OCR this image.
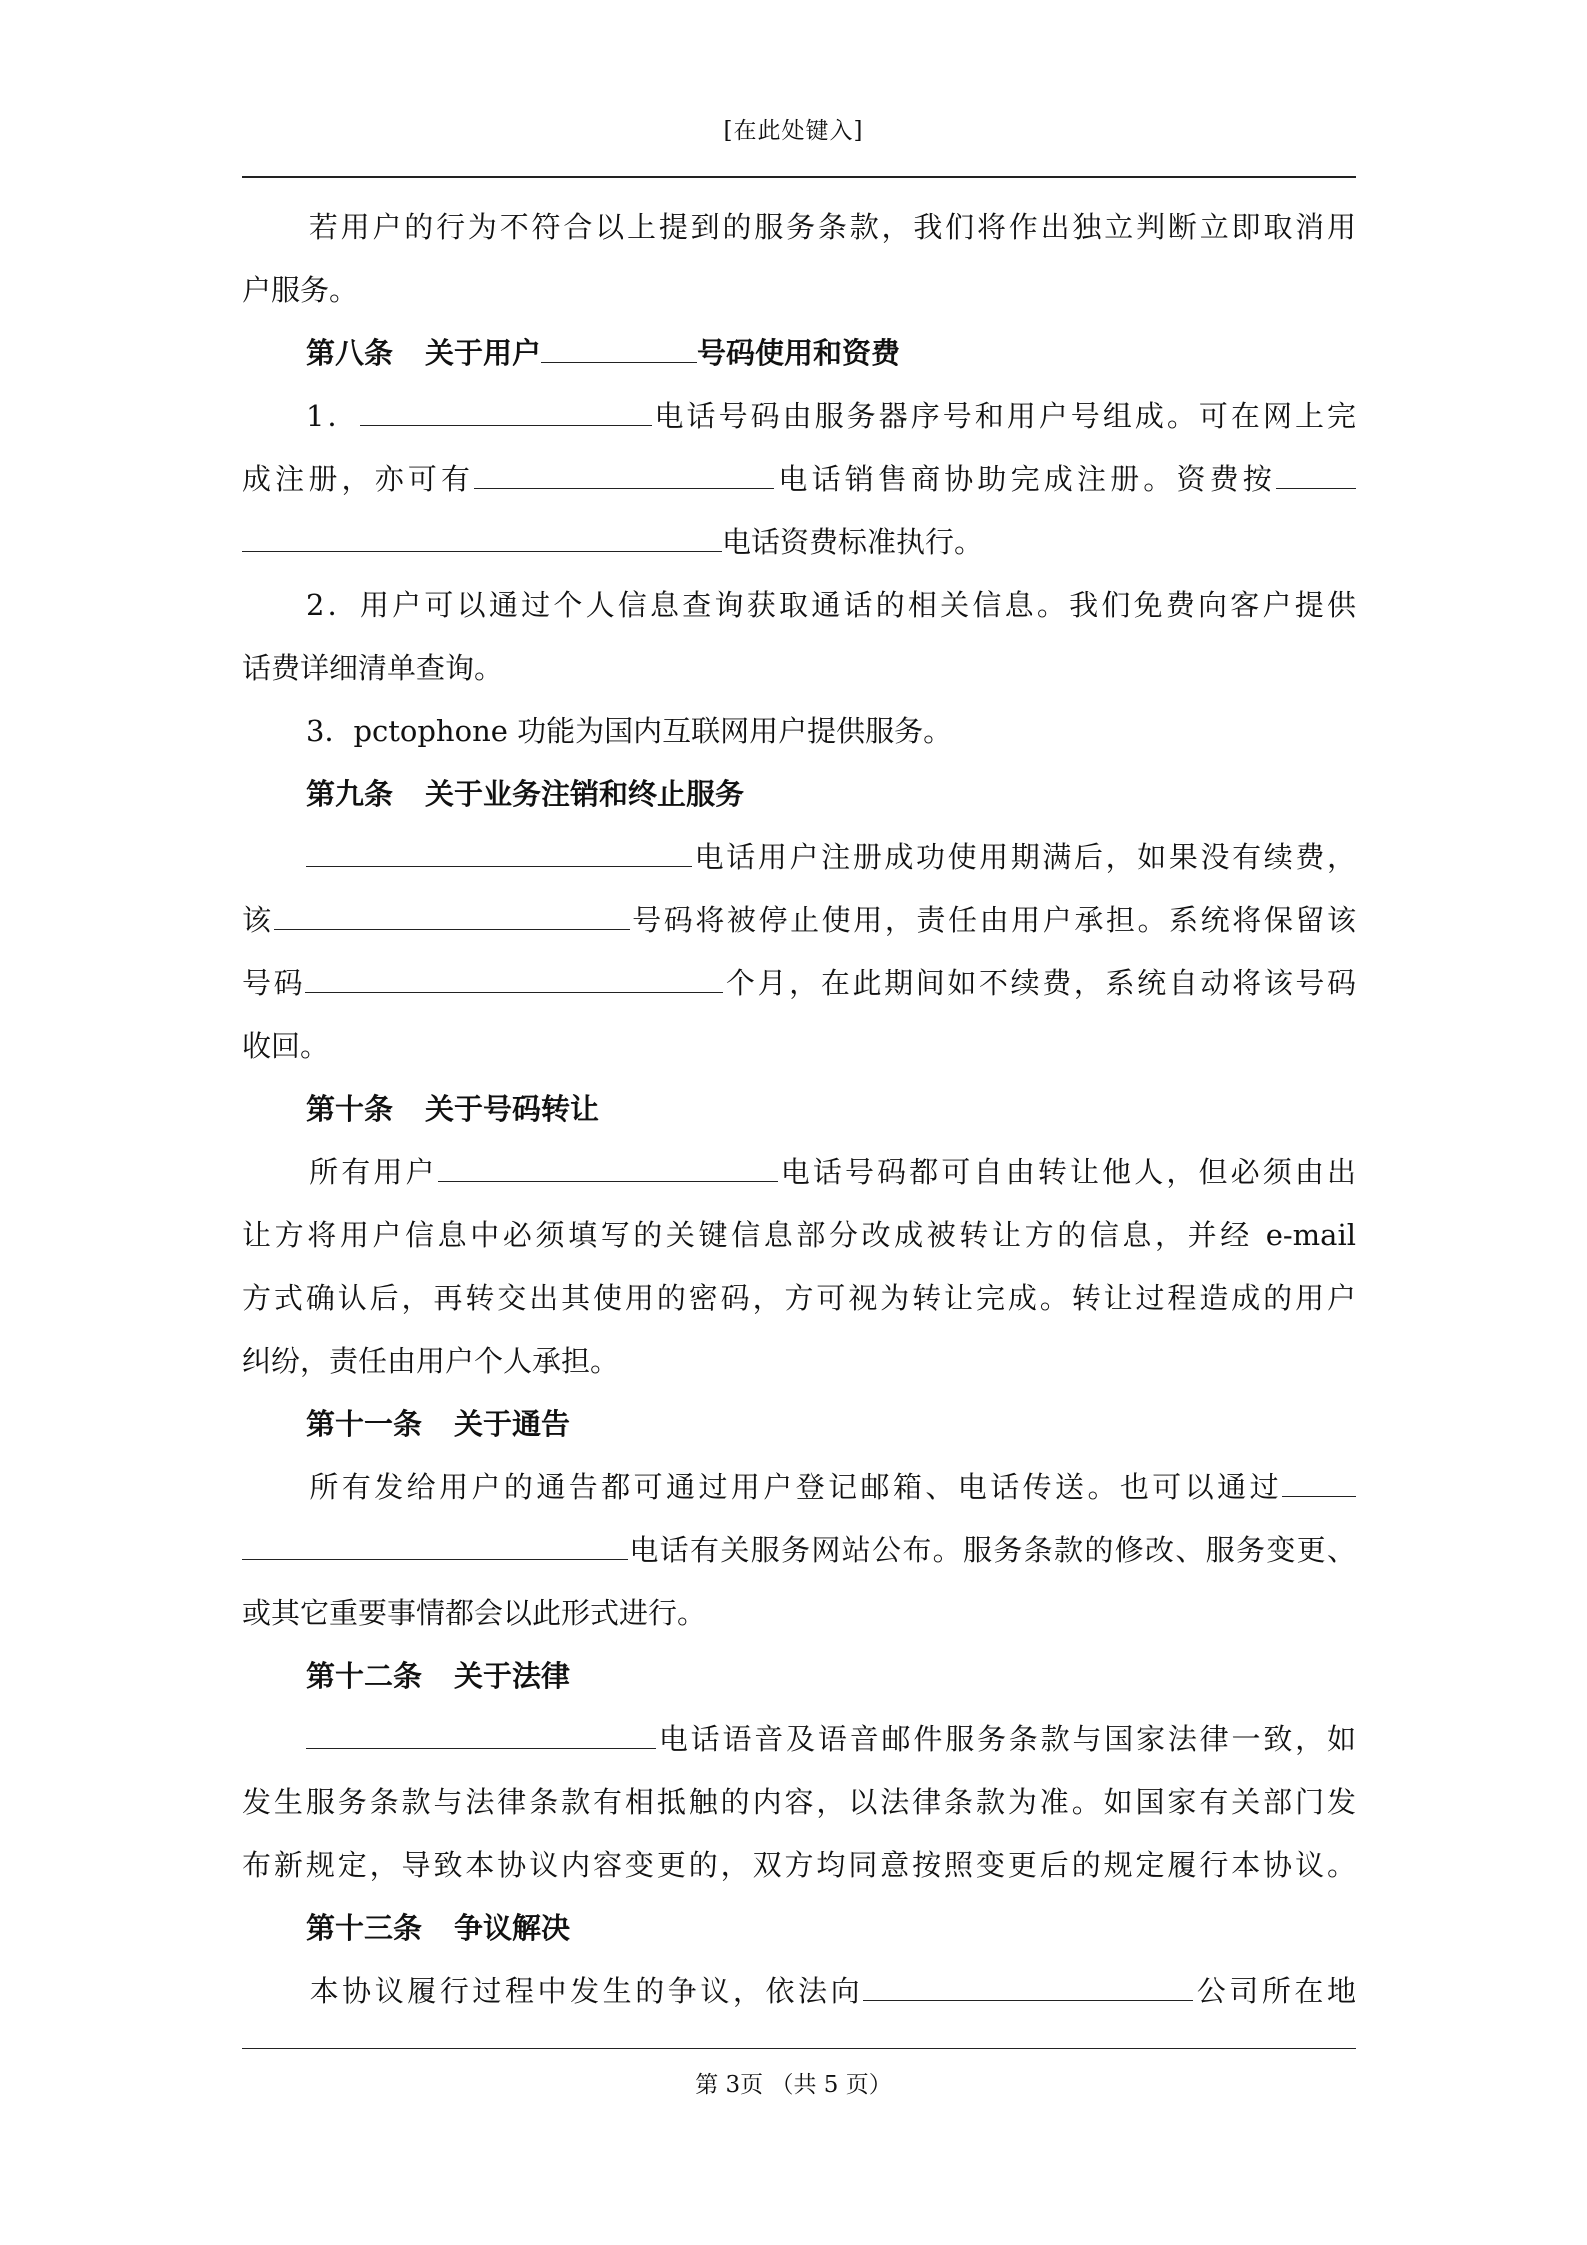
[在此处键入]
若用户的行为不符合以上提到的服务条款，我们将作出独立判断立即取消用
户服务。
第八条 关于用户	号码使用和资费
1．	电话号码由服务器序号和用户号组成。可在网上完
成注册，亦可有	电话销售商协助完成注册。资费按
电话资费标准执行。
2．用户可以通过个人信息查询获取通话的相关信息。我们免费向客户提供
话费详细清单查询。
3．pctophone 功能为国内互联网用户提供服务。
第九条 关于业务注销和终止服务
电话用户注册成功使用期满后，如果没有续费，
该	号码将被停止使用，责任由用户承担。系统将保留该
号码	个月，在此期间如不续费，系统自动将该号码
收回。
第十条 关于号码转让
所有用户	电话号码都可自由转让他人，但必须由出
让方将用户信息中必须填写的关键信息部分改成被转让方的信息，并经 e-mail
方式确认后，再转交出其使用的密码，方可视为转让完成。转让过程造成的用户
纠纷，责任由用户个人承担。
第十一条 关于通告
所有发给用户的通告都可通过用户登记邮箱、电话传送。也可以通过
电话有关服务网站公布。服务条款的修改、服务变更、
或其它重要事情都会以此形式进行。
第十二条 关于法律
电话语音及语音邮件服务条款与国家法律一致，如
发生服务条款与法律条款有相抵触的内容，以法律条款为准。如国家有关部门发
布新规定，导致本协议内容变更的，双方均同意按照变更后的规定履行本协议。
第十三条 争议解决
本协议履行过程中发生的争议，依法向	公司所在地
第 3页 （共 5 页）
